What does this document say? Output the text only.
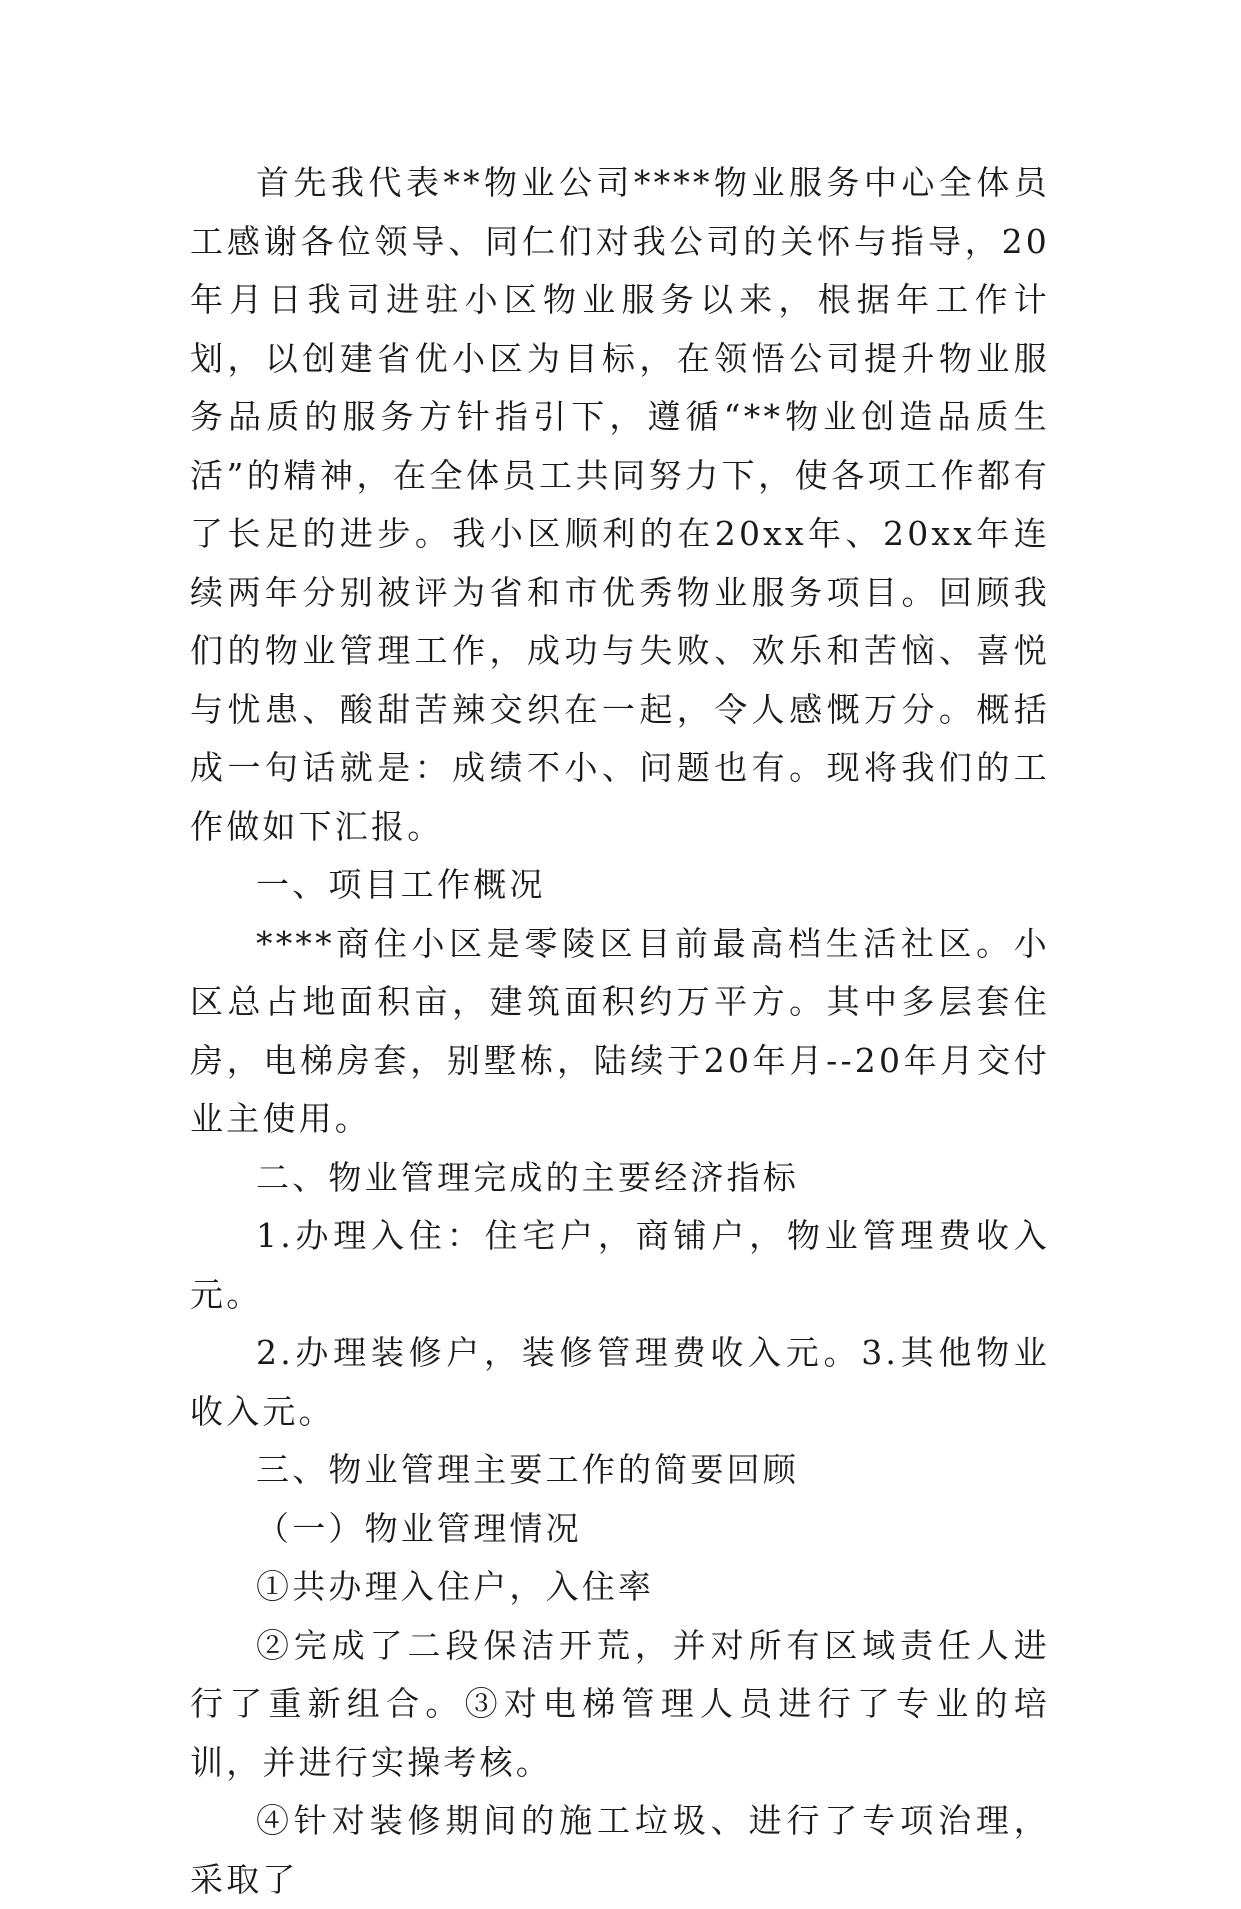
首先我代表**物业公司****物业服务中心全体员工感谢各位领导、同仁们对我公司的关怀与指导，20年月日我司进驻小区物业服务以来，根据年工作计划，以创建省优小区为目标，在领悟公司提升物业服务品质的服务方针指引下，遵循“**物业创造品质生活”的精神，在全体员工共同努力下，使各项工作都有了长足的进步。我小区顺利的在20xx年、20xx年连续两年分别被评为省和市优秀物业服务项目。回顾我们的物业管理工作，成功与失败、欢乐和苦恼、喜悦与忧患、酸甜苦辣交织在一起，令人感慨万分。概括成一句话就是：成绩不小、问题也有。现将我们的工作做如下汇报。

一、项目工作概况

****商住小区是零陵区目前最高档生活社区。小区总占地面积亩，建筑面积约万平方。其中多层套住房，电梯房套，别墅栋，陆续于20年月--20年月交付业主使用。

二、物业管理完成的主要经济指标

1.办理入住：住宅户，商铺户，物业管理费收入元。

2.办理装修户，装修管理费收入元。3.其他物业收入元。

三、物业管理主要工作的简要回顾

（一）物业管理情况

①共办理入住户，入住率

②完成了二段保洁开荒，并对所有区域责任人进行了重新组合。③对电梯管理人员进行了专业的培训，并进行实操考核。

④针对装修期间的施工垃圾、进行了专项治理，采取了
